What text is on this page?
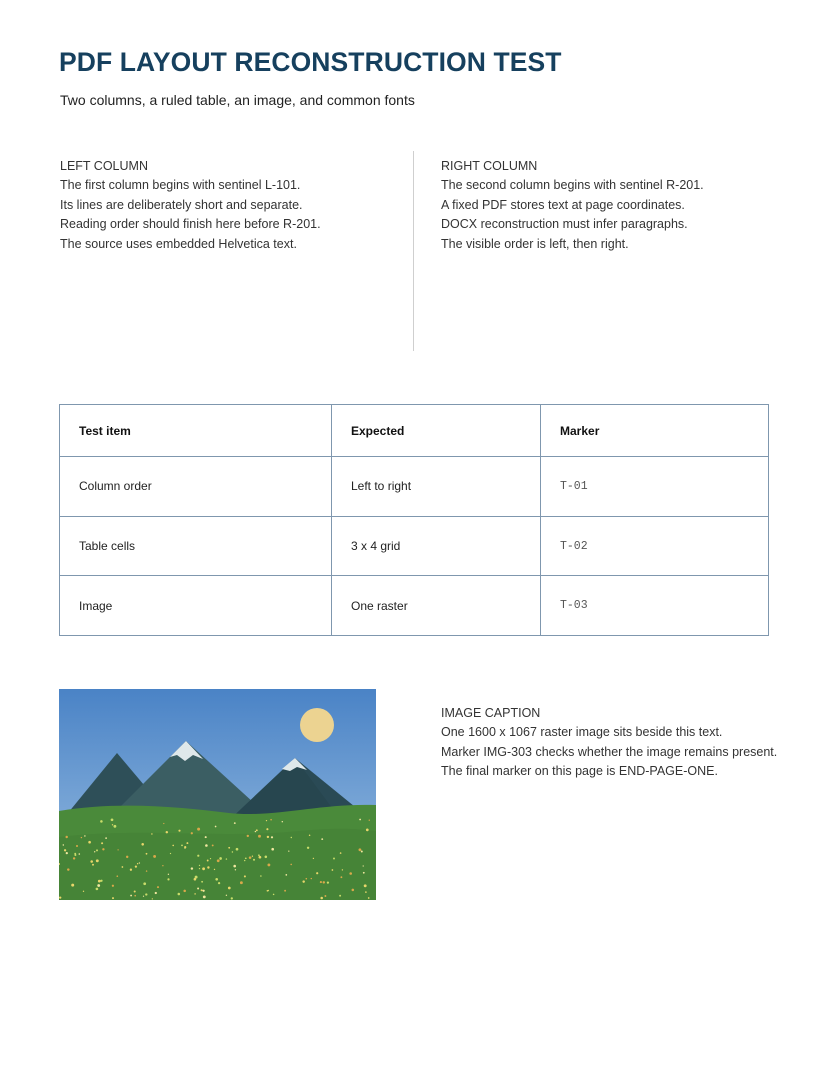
PDF LAYOUT RECONSTRUCTION TEST
Two columns, a ruled table, an image, and common fonts
LEFT COLUMN
The first column begins with sentinel L-101.
Its lines are deliberately short and separate.
Reading order should finish here before R-201.
The source uses embedded Helvetica text.
RIGHT COLUMN
The second column begins with sentinel R-201.
A fixed PDF stores text at page coordinates.
DOCX reconstruction must infer paragraphs.
The visible order is left, then right.
Test item	Expected	Marker
Column order	Left to right	T-01
Table cells	3 x 4 grid	T-02
Image	One raster	T-03
IMAGE CAPTION
One 1600 x 1067 raster image sits beside this text.
Marker IMG-303 checks whether the image remains present.
The final marker on this page is END-PAGE-ONE.
